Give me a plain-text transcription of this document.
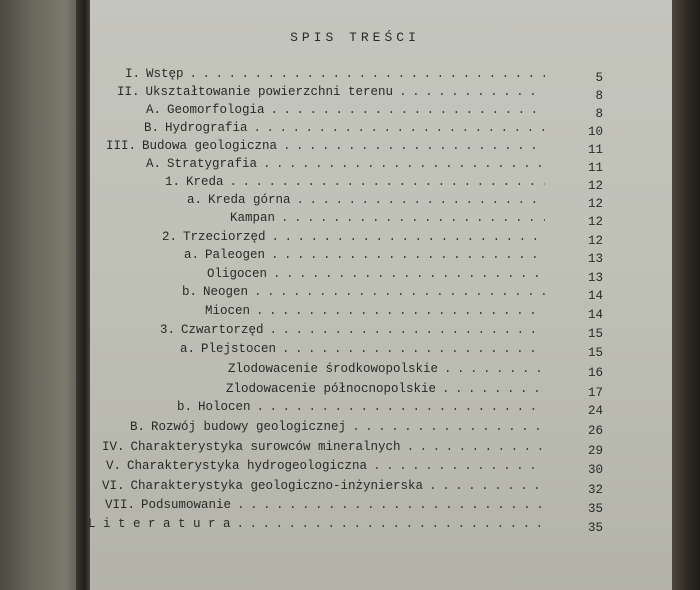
SPIS TREŚCI
I. Wstęp . . .	5
II. Ukształtowanie powierzchni terenu . . .	8
A. Geomorfologia . . .	8
B. Hydrografia . . .	10
III. Budowa geologiczna . . .	11
A. Stratygrafia . . .	11
1. Kreda . . .	12
a. Kreda górna . . .	12
Kampan . . .	12
2. Trzeciorzęd . . .	12
a. Paleogen . . .	13
Oligocen . . .	13
b. Neogen . . .	14
Miocen . . .	14
3. Czwartorzęd . . .	15
a. Plejstocen . . .	15
Zlodowacenie środkowopolskie . . .	16
Zlodowacenie północnopolskie . . .	17
b. Holocen . . .	24
B. Rozwój budowy geologicznej . . .	26
IV. Charakterystyka surowców mineralnych . . .	29
V. Charakterystyka hydrogeologiczna . . .	30
VI. Charakterystyka geologiczno-inżynierska . . .	32
VII. Podsumowanie . . .	35
L i t e r a t u r a . . .	35
